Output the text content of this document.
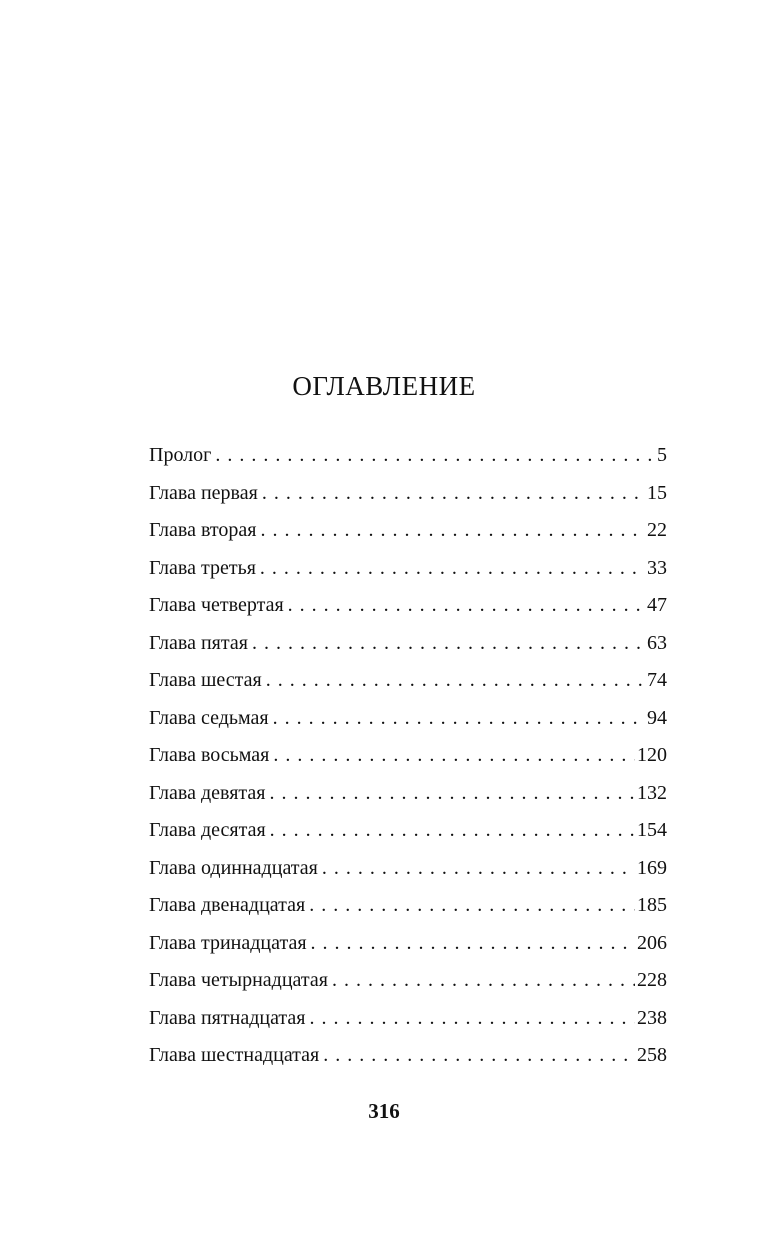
ОГЛАВЛЕНИЕ
Пролог . . .	5
Глава первая . . .	15
Глава вторая . . .	22
Глава третья . . .	33
Глава четвертая . . .	47
Глава пятая . . .	63
Глава шестая . . .	74
Глава седьмая . . .	94
Глава восьмая . . .	120
Глава девятая . . .	132
Глава десятая . . .	154
Глава одиннадцатая . . .	169
Глава двенадцатая . . .	185
Глава тринадцатая . . .	206
Глава четырнадцатая . . .	228
Глава пятнадцатая . . .	238
Глава шестнадцатая . . .	258
316
